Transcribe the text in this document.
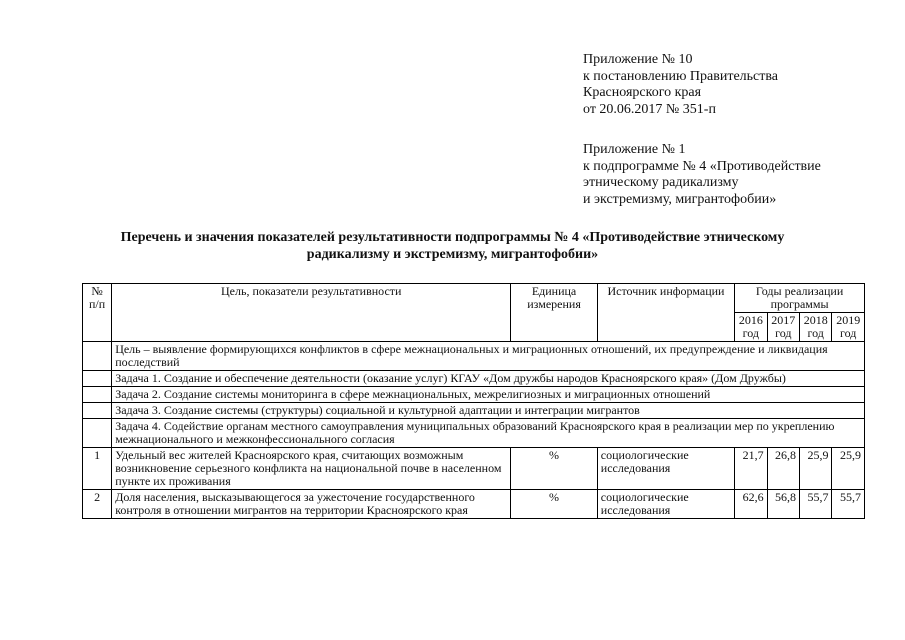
Приложение № 10
к постановлению Правительства
Красноярского края
от 20.06.2017 № 351-п
Приложение № 1
к подпрограмме № 4 «Противодействие
этническому радикализму
и экстремизму, мигрантофобии»
Перечень и значения показателей результативности подпрограммы № 4 «Противодействие этническому
радикализму и экстремизму, мигрантофобии»
№ п/п	Цель, показатели результативности	Единица измерения	Источник информации	Годы реализации программы			
				2016 год	2017 год	2018 год	2019 год
	Цель – выявление формирующихся конфликтов в сфере межнациональных и миграционных отношений, их предупреждение и ликвидация последствий						
	Задача 1. Создание и обеспечение деятельности (оказание услуг) КГАУ «Дом дружбы народов Красноярского края» (Дом Дружбы)						
	Задача 2. Создание системы мониторинга в сфере межнациональных, межрелигиозных и миграционных отношений						
	Задача 3. Создание системы (структуры) социальной и культурной адаптации и интеграции мигрантов						
	Задача 4. Содействие органам местного самоуправления муниципальных образований Красноярского края в реализации мер по укреплению межнационального и межконфессионального согласия						
1	Удельный вес жителей Красноярского края, считающих возможным возникновение серьезного конфликта на национальной почве в населенном пункте их проживания	%	социологические исследования	21,7	26,8	25,9	25,9
2	Доля населения, высказывающегося за ужесточение государственного контроля в отношении мигрантов на территории Красноярского края	%	социологические исследования	62,6	56,8	55,7	55,7
